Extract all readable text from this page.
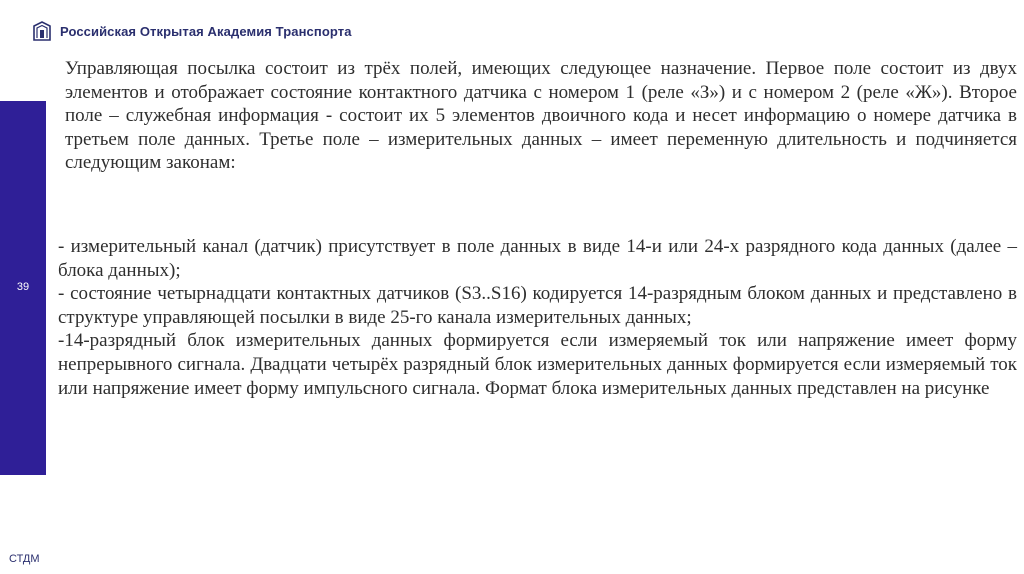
Российская Открытая Академия Транспорта
39
СТДМ

Управляющая посылка состоит из трёх полей, имеющих следующее назначение. Первое поле состоит из двух элементов и отображает состояние контактного датчика с номером 1 (реле «З») и с номером 2 (реле «Ж»). Второе поле – служебная информация - состоит их 5 элементов двоичного кода и несет информацию о номере датчика в третьем поле данных. Третье поле – измерительных данных – имеет переменную длительность и подчиняется следующим законам:

- измерительный канал (датчик) присутствует в поле данных в виде 14-и или 24-х разрядного кода данных (далее – блока данных);

- состояние четырнадцати контактных датчиков (S3..S16) кодируется 14-разрядным блоком данных и представлено в структуре управляющей посылки в виде 25-го канала измерительных данных;

-14-разрядный блок измерительных данных формируется если измеряемый ток или напряжение имеет форму непрерывного сигнала. Двадцати четырёх разрядный блок измерительных данных формируется если измеряемый ток или напряжение имеет форму импульсного сигнала. Формат блока измерительных данных представлен на рисунке
